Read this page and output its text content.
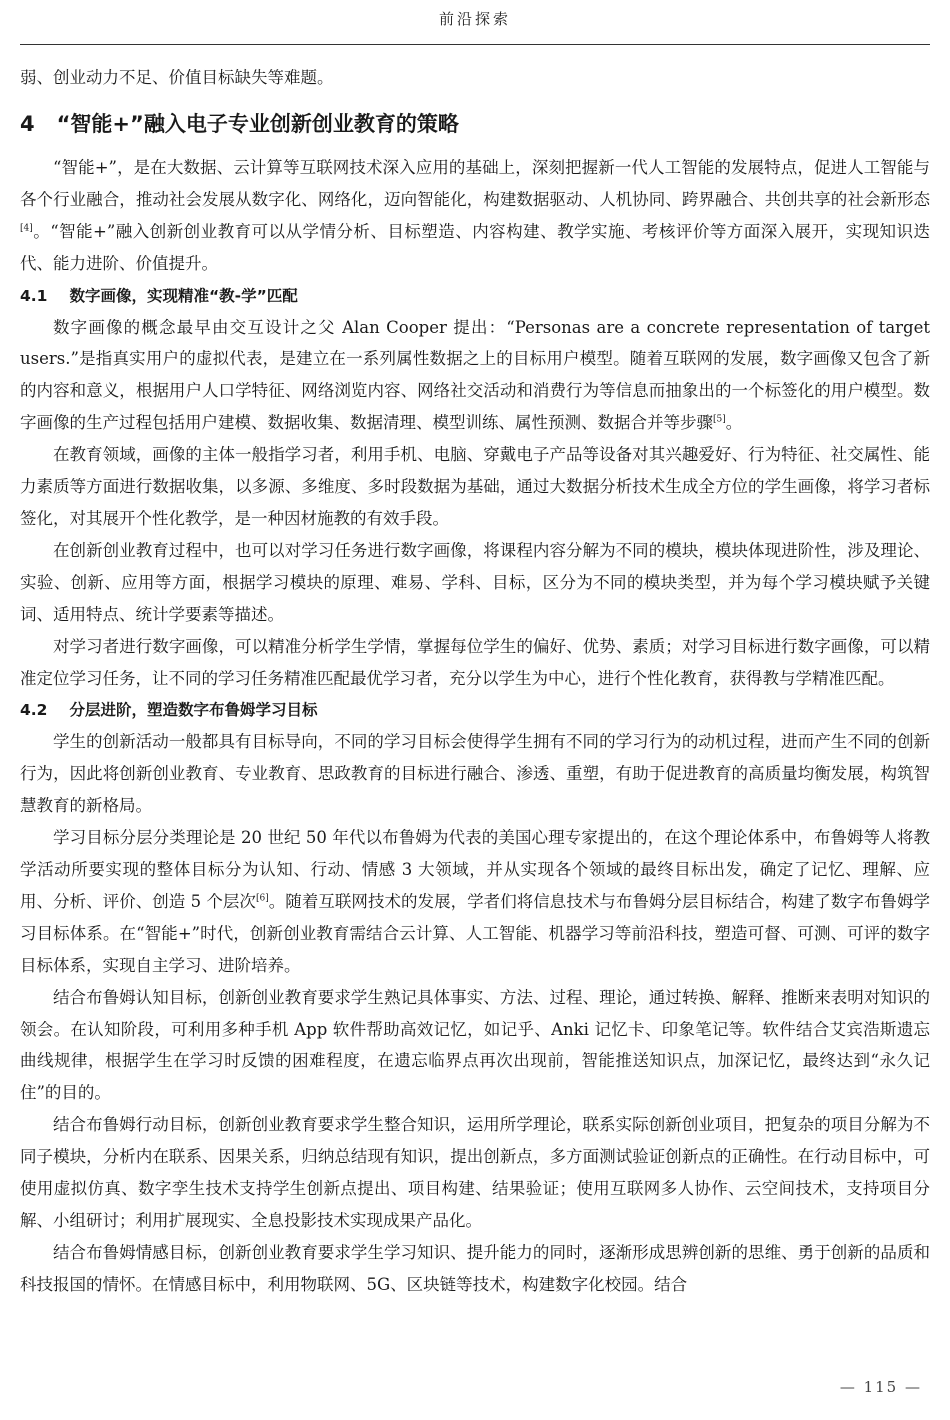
前沿探索

弱、创业动力不足、价值目标缺失等难题。

4 “智能+”融入电子专业创新创业教育的策略

“智能+”，是在大数据、云计算等互联网技术深入应用的基础上，深刻把握新一代人工智能的发展特点，促进人工智能与各个行业融合，推动社会发展从数字化、网络化，迈向智能化，构建数据驱动、人机协同、跨界融合、共创共享的社会新形态[4]。“智能+”融入创新创业教育可以从学情分析、目标塑造、内容构建、教学实施、考核评价等方面深入展开，实现知识迭代、能力进阶、价值提升。

4.1 数字画像，实现精准“教-学”匹配

数字画像的概念最早由交互设计之父 Alan Cooper 提出：“Personas are a concrete representation of target users.”是指真实用户的虚拟代表，是建立在一系列属性数据之上的目标用户模型。随着互联网的发展，数字画像又包含了新的内容和意义，根据用户人口学特征、网络浏览内容、网络社交活动和消费行为等信息而抽象出的一个标签化的用户模型。数字画像的生产过程包括用户建模、数据收集、数据清理、模型训练、属性预测、数据合并等步骤[5]。

在教育领域，画像的主体一般指学习者，利用手机、电脑、穿戴电子产品等设备对其兴趣爱好、行为特征、社交属性、能力素质等方面进行数据收集，以多源、多维度、多时段数据为基础，通过大数据分析技术生成全方位的学生画像，将学习者标签化，对其展开个性化教学，是一种因材施教的有效手段。

在创新创业教育过程中，也可以对学习任务进行数字画像，将课程内容分解为不同的模块，模块体现进阶性，涉及理论、实验、创新、应用等方面，根据学习模块的原理、难易、学科、目标，区分为不同的模块类型，并为每个学习模块赋予关键词、适用特点、统计学要素等描述。

对学习者进行数字画像，可以精准分析学生学情，掌握每位学生的偏好、优势、素质；对学习目标进行数字画像，可以精准定位学习任务，让不同的学习任务精准匹配最优学习者，充分以学生为中心，进行个性化教育，获得教与学精准匹配。

4.2 分层进阶，塑造数字布鲁姆学习目标

学生的创新活动一般都具有目标导向，不同的学习目标会使得学生拥有不同的学习行为的动机过程，进而产生不同的创新行为，因此将创新创业教育、专业教育、思政教育的目标进行融合、渗透、重塑，有助于促进教育的高质量均衡发展，构筑智慧教育的新格局。

学习目标分层分类理论是 20 世纪 50 年代以布鲁姆为代表的美国心理专家提出的，在这个理论体系中，布鲁姆等人将教学活动所要实现的整体目标分为认知、行动、情感 3 大领域，并从实现各个领域的最终目标出发，确定了记忆、理解、应用、分析、评价、创造 5 个层次[6]。随着互联网技术的发展，学者们将信息技术与布鲁姆分层目标结合，构建了数字布鲁姆学习目标体系。在“智能+”时代，创新创业教育需结合云计算、人工智能、机器学习等前沿科技，塑造可督、可测、可评的数字目标体系，实现自主学习、进阶培养。

结合布鲁姆认知目标，创新创业教育要求学生熟记具体事实、方法、过程、理论，通过转换、解释、推断来表明对知识的领会。在认知阶段，可利用多种手机 App 软件帮助高效记忆，如记乎、Anki 记忆卡、印象笔记等。软件结合艾宾浩斯遗忘曲线规律，根据学生在学习时反馈的困难程度，在遗忘临界点再次出现前，智能推送知识点，加深记忆，最终达到“永久记住”的目的。

结合布鲁姆行动目标，创新创业教育要求学生整合知识，运用所学理论，联系实际创新创业项目，把复杂的项目分解为不同子模块，分析内在联系、因果关系，归纳总结现有知识，提出创新点，多方面测试验证创新点的正确性。在行动目标中，可使用虚拟仿真、数字孪生技术支持学生创新点提出、项目构建、结果验证；使用互联网多人协作、云空间技术，支持项目分解、小组研讨；利用扩展现实、全息投影技术实现成果产品化。

结合布鲁姆情感目标，创新创业教育要求学生学习知识、提升能力的同时，逐渐形成思辨创新的思维、勇于创新的品质和科技报国的情怀。在情感目标中，利用物联网、5G、区块链等技术，构建数字化校园。结合

— 115 —
